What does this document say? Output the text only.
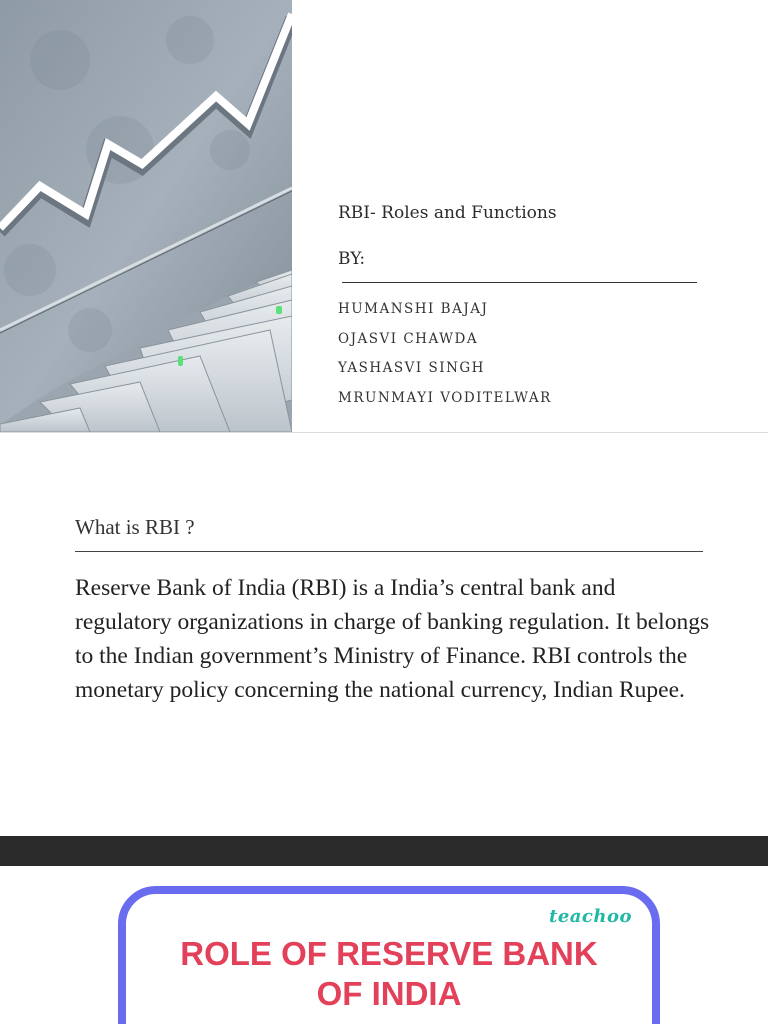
RBI- Roles and Functions
BY:
HUMANSHI BAJAJ
OJASVI CHAWDA
YASHASVI SINGH
MRUNMAYI VODITELWAR
What is RBI ?

Reserve Bank of India (RBI) is a India’s central bank and regulatory organizations in charge of banking regulation. It belongs to the Indian government’s Ministry of Finance. RBI controls the monetary policy concerning the national currency, Indian Rupee.

teachoo
ROLE OF RESERVE BANK
OF INDIA
